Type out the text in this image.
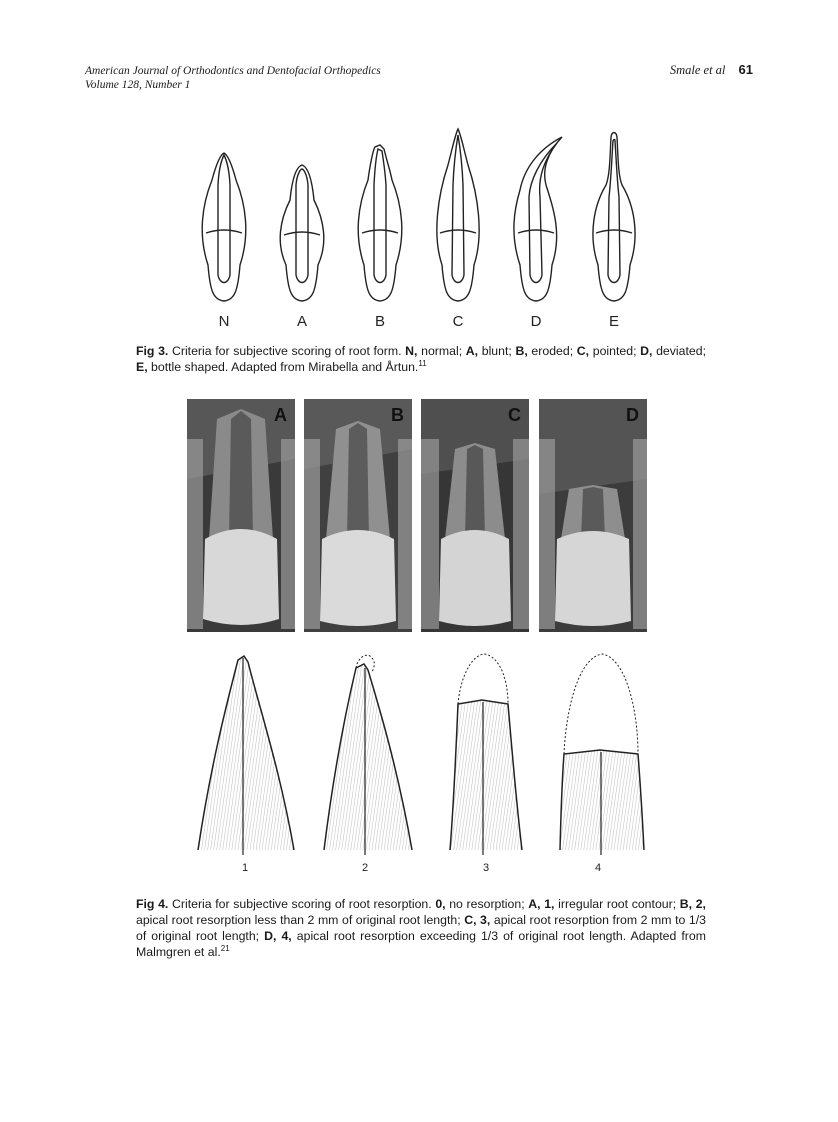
American Journal of Orthodontics and Dentofacial Orthopedics
Volume 128, Number 1
Smale et al 61
N	A	B	C	D	E
Fig 3. Criteria for subjective scoring of root form. N, normal; A, blunt; B, eroded; C, pointed; D, deviated; E, bottle shaped. Adapted from Mirabella and Årtun.$^{11}$
A	B	C	D
1	2	3	4
Fig 4. Criteria for subjective scoring of root resorption. 0, no resorption; A, 1, irregular root contour; B, 2, apical root resorption less than 2 mm of original root length; C, 3, apical root resorption from 2 mm to 1/3 of original root length; D, 4, apical root resorption exceeding 1/3 of original root length. Adapted from Malmgren et al.$^{21}$
